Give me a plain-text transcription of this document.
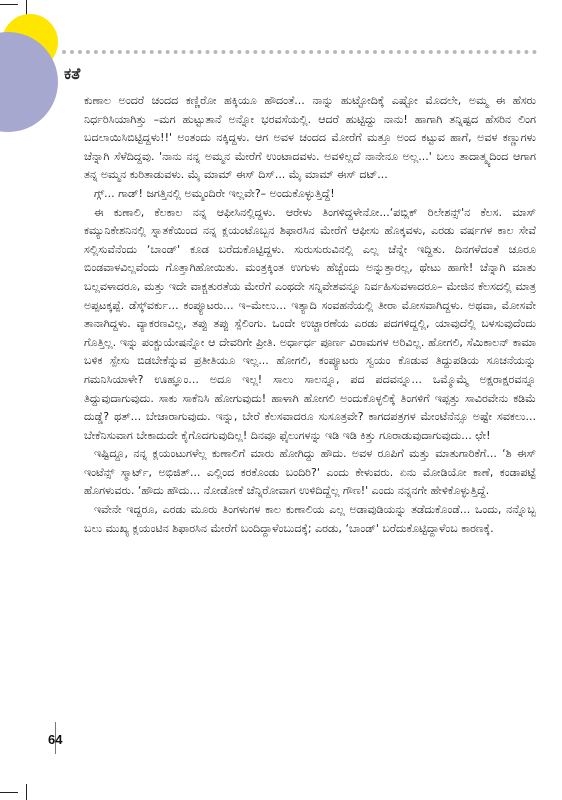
ಕತೆ

ಕುಣಾಲ ಅಂದರೆ ಚಂದದ ಕಣ್ಣಿರೋ ಹಕ್ಕಿಯೂ ಹೌದಂತೆ... ನಾನ್ನು ಹುಟ್ಟೋದಿಕ್ಕೆ ಎಷ್ಟೋ ಮೊದಲೇ, ಅಮ್ಮ ಈ ಹೆಸರು ನಿರ್ಧರಿಸಿಯಾಗಿತ್ತು –ಮಗ ಹುಟ್ಟುತಾನೆ ಅನ್ನೋ ಭರವಸೆಯಲ್ಲಿ. ಆದರೆ ಹುಟ್ಟಿದ್ದು ನಾನು! ಹಾಗಾಗಿ ತನ್ನಿಷ್ಟದ ಹೆಸರಿನ ಲಿಂಗ ಬದಲಾಯಿಸಿಬಿಟ್ಟಿದ್ದಳು!!' ಅಂತಂದು ನಕ್ಕಿದ್ದಳು. ಆಗ ಅವಳ ಚಂದದ ಮೋರೆಗೆ ಮತ್ತೂ ಅಂದ ಕಟ್ಟುವ ಹಾಗೆ, ಅವಳ ಕಣ್ಣುಗಳು ಚೆನ್ನಾಗಿ ಸೆಳೆದಿದ್ದವು. 'ನಾನು ನನ್ನ ಅಮ್ಮನ ಮೇರೆಗೆ ಉಂಟಾದವಳು. ಅವಳಿಲ್ಲದೆ ನಾನೇನೂ ಅಲ್ಲ...' ಬಲು ತಾದಾತ್ಮ್ಯದಿಂದ ಆಗಾಗ ತನ್ನ ಅಮ್ಮನ ಕುರಿತಾಡುವಳು. ಮೈ ಮಾಮ್ ಈಸ್ ದಿಸ್... ಮೈ ಮಾಮ್ ಈಸ್ ದಟ್...

ಗ್ಗ್... ಗಾಡ್! ಜಗತ್ತಿನಲ್ಲಿ ಅಮ್ಮಂದಿರೇ ಇಲ್ಲವೇ?– ಅಂದುಕೊಳ್ಳುತ್ತಿದ್ದೆ!

ಈ ಕುಣಾಲಿ, ಕೆಲಕಾಲ ನನ್ನ ಆಫೀಸಿನಲ್ಲಿದ್ದಳು. ಆರೇಳು ತಿಂಗಳಿದ್ದಳೇನೋ...‘ಪಬ್ಲಿಕ್ ರಿಲೇಶನ್ಸ್'ನ ಕೆಲಸ. ಮಾಸ್ ಕಮ್ಯುನಿಕೇಶನಿನಲ್ಲಿ ಸ್ನಾತಕೆಯಿಂದ ನನ್ನ ಕ್ಲಯಂಟೊಬ್ಬನ ಶಿಫಾರಸಿನ ಮೇರೆಗೆ ಆಫೀಸು ಹೊಕ್ಕವಳು, ಎರಡು ವರ್ಷಗಳ ಕಾಲ ಸೇವೆ ಸಲ್ಲಿಸುವೆನೆಂದು ‘ಬಾಂಡ್' ಕೂಡ ಬರೆದುಕೊಟ್ಟಿದ್ದಳು. ಸುರುಸುರುವಿನಲ್ಲಿ ಎಲ್ಲ ಚೆನ್ನೇ ಇದ್ದಿತು. ದಿನಗಳೆದಂತೆ ಚೂರೂ ಬಿಂಡವಾಳವಿಲ್ಲವೆಂದು ಗೊತ್ತಾಗಿಹೋಯಿತು. ಮಂತ್ರಕ್ಕಿಂತ ಉಗುಳು ಹೆಚ್ಚೆಂದು ಅನ್ನುತ್ತಾರಲ್ಲ, ಥೇಟು ಹಾಗೇ! ಚೆನ್ನಾಗಿ ಮಾತು ಬಲ್ಲವಳಾದರೂ, ಮತ್ತು ಇದೇ ವಾಕ್ಚತುರತೆಯ ಮೇರೆಗೆ ಎಂಥದೇ ಸನ್ನಿವೇಶವನ್ನೂ ನಿರ್ವಹಿಸುವಳಾದರೂ– ಮೇಜಿನ ಕೆಲಸದಲ್ಲಿ ಮಾತ್ರ ಅಪ್ಪಟಕ್ಕಪ್ಪೆ. ಡೆಸ್ಕ್‌ವರ್ಕು... ಕಂಪ್ಯೂಟರು... ಇ–ಮೇಲು... ಇತ್ಯಾದಿ ಸಂವಹನೆಯಲ್ಲಿ ತೀರಾ ಮೋಸವಾಗಿದ್ದಳು. ಅಥವಾ, ಮೋಸವೇ ತಾನಾಗಿದ್ದಳು. ವ್ಯಾಕರಣವಿಲ್ಲ, ತಪ್ಪು ತಪ್ಪು ಸ್ಪೆಲಿಂಗು. ಒಂದೇ ಉಚ್ಚಾರಣೆಯ ಎರಡು ಪದಗಳಿದ್ದಲ್ಲಿ, ಯಾವುದೆಲ್ಲಿ ಬಳಸುವುದೆಂದು ಗೊತ್ತಿಲ್ಲ. ಇನ್ನು ಪಂಕ್ಚುಯೇಷನ್ನೋ ಆ ದೇವರಿಗೇ ಪ್ರೀತಿ. ಅರ್ಧಾರ್ಧ ಪೂರ್ಣ ವಿರಾಮಗಳ ಅರಿವಿಲ್ಲ. ಹೋಗಲಿ, ಸೆಮಿಕಾಲನ್ ಕಾಮಾ ಬಳಿಕ ಸ್ಪೇಸು ಬಿಡಬೇಕೆನ್ನುವ ಪ್ರತೀತಿಯೂ ಇಲ್ಲ... ಹೋಗಲಿ, ಕಂಪ್ಯೂಟರು ಸ್ವಯಂ ಕೊಡುವ ತಿದ್ದುಪಡಿಯ ಸೂಚನೆಯನ್ನು ಗಮನಿಸಿಯಾಳೇ? ಊಹ್ಞೂಂ... ಅದೂ ಇಲ್ಲ! ಸಾಲು ಸಾಲನ್ನೂ, ಪದ ಪದವನ್ನೂ... ಒಮ್ಮೊಮ್ಮೆ ಅಕ್ಷರಾಕ್ಷರವನ್ನೂ ತಿದ್ದುವುದಾಗುವುದು. ಸಾಕು ಸಾಕೆನಿಸಿ ಹೋಗುವುದು! ಹಾಳಾಗಿ ಹೋಗಲಿ ಅಂದುಕೊಳ್ಳಲಿಕ್ಕೆ ತಿಂಗಳಿಗೆ ಇಪ್ಪತ್ತು ಸಾವಿರವೇನು ಕಡಿಮೆ ದುಡ್ಡೆ? ಥತ್... ಬೇಜಾರಾಗುವುದು. ಇನ್ನು, ಬೇರೆ ಕೆಲಸವಾದರೂ ಸುಸೂತ್ರವೇ? ಕಾಗದಪತ್ರಗಳ ಮೇಂಟೆನೆನ್ಸೂ ಅಷ್ಟೇ ಸವಕಲು... ಬೇಕೆನಿಸುವಾಗ ಬೇಕಾದುದೇ ಕೈಗೊದಗುವುದಿಲ್ಲ! ದಿನವೂ ಫೈಲುಗಳನ್ನು ಇಡಿ ಇಡಿ ಕಿತ್ತು ಗೂರಾಡುವುದಾಗುವುದು... ಛೇ!

ಇಷ್ಟಿದ್ದೂ, ನನ್ನ ಕ್ಲಯಂಟುಗಳೆಲ್ಲ ಕುಣಾಲಿಗೆ ಮಾರು ಹೋಗಿದ್ದು ಹೌದು. ಅವಳ ರೂಪಿಗೆ ಮತ್ತು ಮಾತುಗಾರಿಕೆಗೆ... ‘ಶಿ ಈಸ್ ಇಂಟೆನ್ಸ್ ಸ್ಮಾರ್ಟ್, ಅಭಿಜಿತ್... ಎಲ್ಲಿಂದ ಕರಕೊಂಡು ಬಂದಿರಿ?' ಎಂದು ಕೇಳುವರು. ಏನು ಮೋಡಿಯೋ ಕಾಣೆ, ಕಂಡಾಪಟ್ಟೆ ಹೊಗಳುವರು. ‘ಹೌದು ಹೌದು... ನೋಡೋಕೆ ಚೆನ್ನಿರೋವಾಗ ಉಳಿದಿದ್ದೆಲ್ಲ ಗೌಣ!' ಎಂದು ನನ್ನನಗೇ ಹೇಳಿಕೊಳ್ಳುತ್ತಿದ್ದೆ.

ಇವೇನೇ ಇದ್ದರೂ, ಎರಡು ಮೂರು ತಿಂಗಳುಗಳ ಕಾಲ ಕುಣಾಲಿಯ ಎಲ್ಲ ಅಡಾವುಡಿಯನ್ನು ತಡೆದುಕೊಂಡೆ... ಒಂದು, ನನ್ನೊಬ್ಬ ಬಲು ಮುಖ್ಯ ಕ್ಲಯಂಟಿನ ಶಿಫಾರಸಿನ ಮೇರೆಗೆ ಬಂದಿದ್ದಾಳೆಂಬುದಕ್ಕೆ; ಎರಡು, ‘ಬಾಂಡ್' ಬರೆದುಕೊಟ್ಟಿದ್ದಾಳೆಂಬ ಕಾರಣಕ್ಕೆ.

64
